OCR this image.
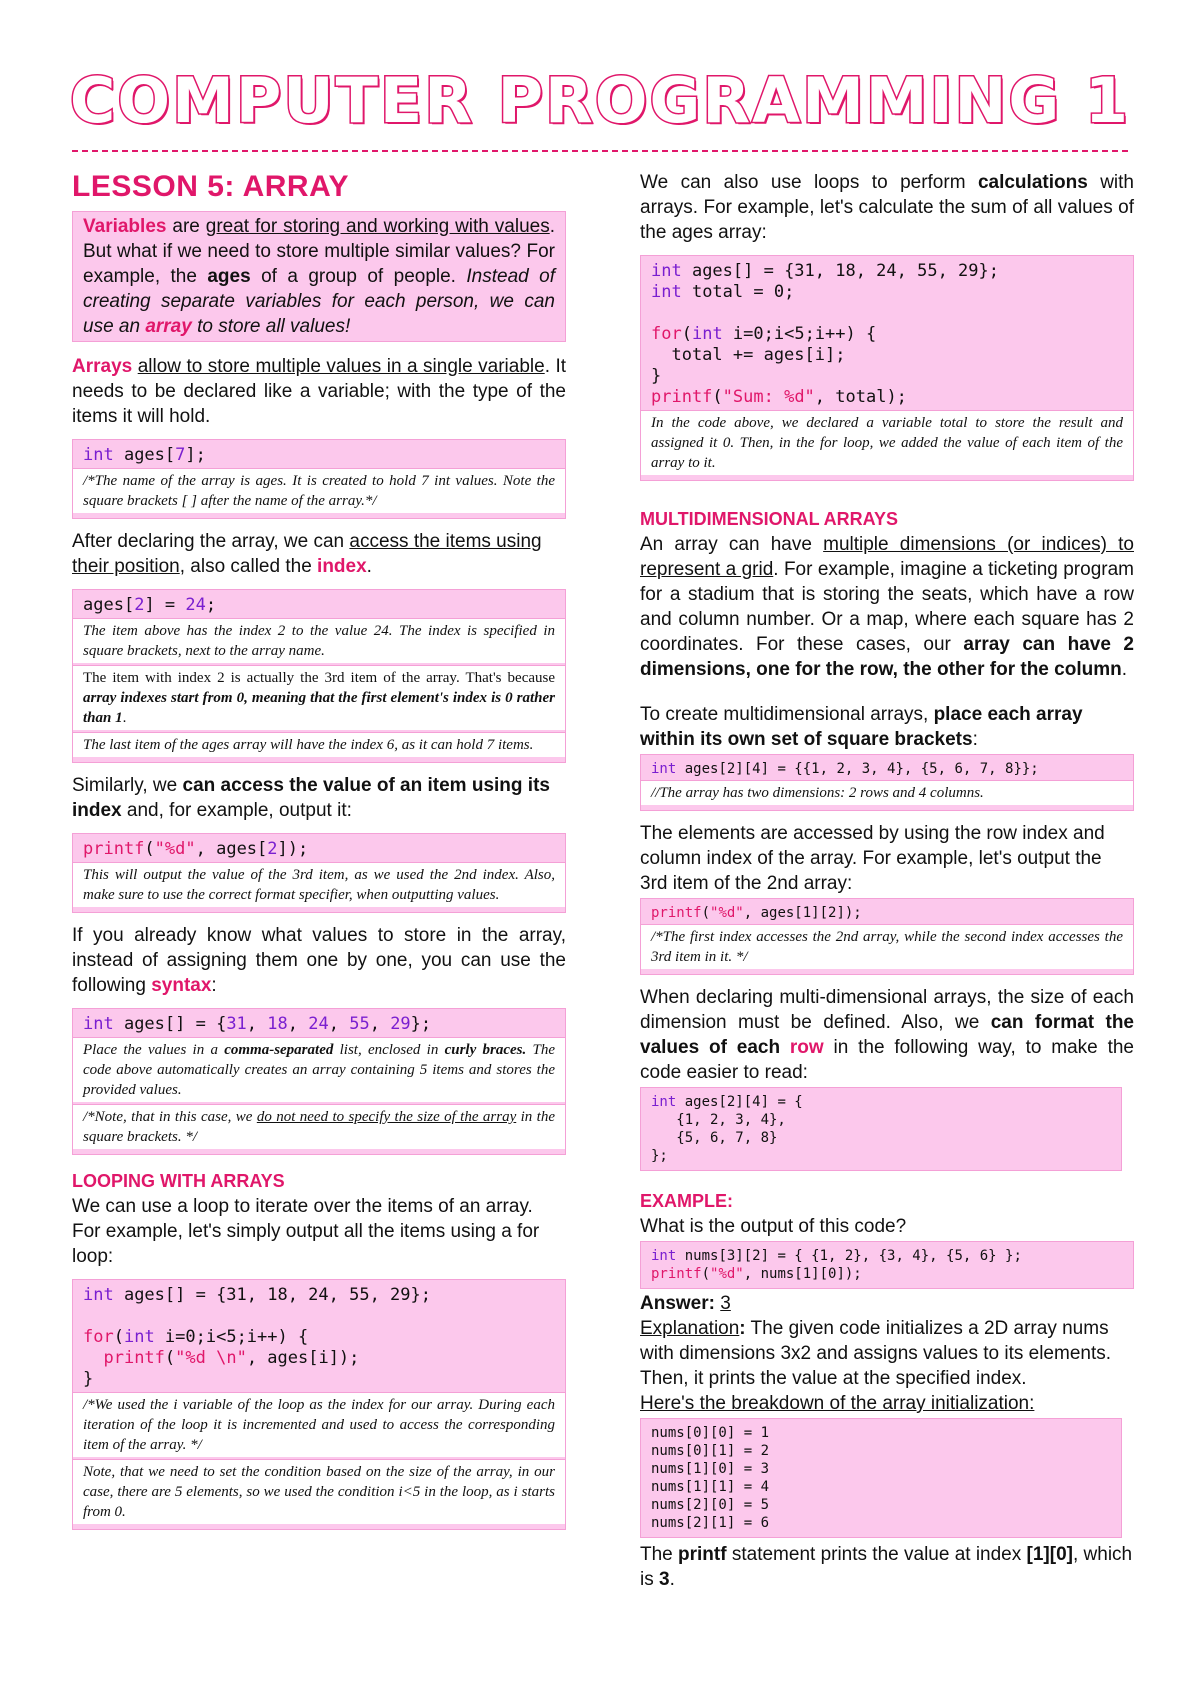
COMPUTER PROGRAMMING 1
LESSON 5: ARRAY
Variables are great for storing and working with values. But what if we need to store multiple similar values? For example, the ages of a group of people. Instead of creating separate variables for each person, we can use an array to store all values!

Arrays allow to store multiple values in a single variable. It needs to be declared like a variable; with the type of the items it will hold.

int ages[7];
/*The name of the array is ages. It is created to hold 7 int values. Note the square brackets [ ] after the name of the array.*/

After declaring the array, we can access the items using their position, also called the index.

ages[2] = 24;
The item above has the index 2 to the value 24. The index is specified in square brackets, next to the array name.
The item with index 2 is actually the 3rd item of the array. That's because array indexes start from 0, meaning that the first element's index is 0 rather than 1.
The last item of the ages array will have the index 6, as it can hold 7 items.

Similarly, we can access the value of an item using its index and, for example, output it:

printf("%d", ages[2]);
This will output the value of the 3rd item, as we used the 2nd index. Also, make sure to use the correct format specifier, when outputting values.

If you already know what values to store in the array, instead of assigning them one by one, you can use the following syntax:

int ages[] = {31, 18, 24, 55, 29};
Place the values in a comma-separated list, enclosed in curly braces. The code above automatically creates an array containing 5 items and stores the provided values.
/*Note, that in this case, we do not need to specify the size of the array in the square brackets. */
LOOPING WITH ARRAYS
We can use a loop to iterate over the items of an array. For example, let's simply output all the items using a for loop:
int ages[] = {31, 18, 24, 55, 29};

for(int i=0;i<5;i++) {
printf("%d \n", ages[i]);
}
/*We used the i variable of the loop as the index for our array. During each iteration of the loop it is incremented and used to access the corresponding item of the array. */
Note, that we need to set the condition based on the size of the array, in our case, there are 5 elements, so we used the condition i<5 in the loop, as i starts from 0.

We can also use loops to perform calculations with arrays. For example, let's calculate the sum of all values of the ages array:

int ages[] = {31, 18, 24, 55, 29};
int total = 0;

for(int i=0;i<5;i++) {
total += ages[i];
}
printf("Sum: %d", total);
In the code above, we declared a variable total to store the result and assigned it 0. Then, in the for loop, we added the value of each item of the array to it.
MULTIDIMENSIONAL ARRAYS
An array can have multiple dimensions (or indices) to represent a grid. For example, imagine a ticketing program for a stadium that is storing the seats, which have a row and column number. Or a map, where each square has 2 coordinates. For these cases, our array can have 2 dimensions, one for the row, the other for the column.

To create multidimensional arrays, place each array within its own set of square brackets:

int ages[2][4] = {{1, 2, 3, 4}, {5, 6, 7, 8}};
//The array has two dimensions: 2 rows and 4 columns.

The elements are accessed by using the row index and column index of the array. For example, let's output the 3rd item of the 2nd array:

printf("%d", ages[1][2]);
/*The first index accesses the 2nd array, while the second index accesses the 3rd item in it. */

When declaring multi-dimensional arrays, the size of each dimension must be defined. Also, we can format the values of each row in the following way, to make the code easier to read:

int ages[2][4] = {
{1, 2, 3, 4},
{5, 6, 7, 8}
};
EXAMPLE:
What is the output of this code?
int nums[3][2] = { {1, 2}, {3, 4}, {5, 6} };
printf("%d", nums[1][0]);
Answer: 3
Explanation: The given code initializes a 2D array nums with dimensions 3x2 and assigns values to its elements. Then, it prints the value at the specified index.
Here's the breakdown of the array initialization:
nums[0][0] = 1
nums[0][1] = 2
nums[1][0] = 3
nums[1][1] = 4
nums[2][0] = 5
nums[2][1] = 6
The printf statement prints the value at index [1][0], which is 3.
